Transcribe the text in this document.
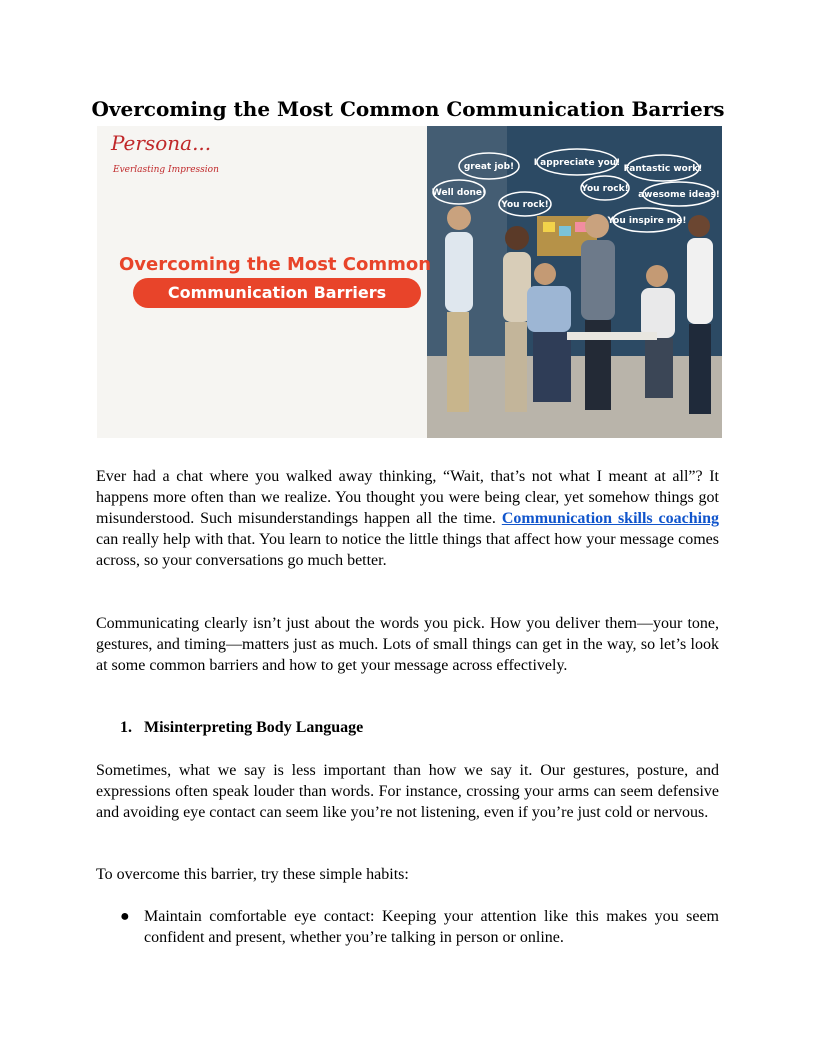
Overcoming the Most Common Communication Barriers
great job! I appreciate you!
Fantastic work!
Well done!
You rock!
awesome ideas!
You rock!
You inspire me!
Persona...
Everlasting Impression
Overcoming the Most Common
Communication Barriers

Ever had a chat where you walked away thinking, “Wait, that’s not what I meant at all”? It happens more often than we realize. You thought you were being clear, yet somehow things got misunderstood. Such misunderstandings happen all the time. Communication skills coaching can really help with that. You learn to notice the little things that affect how your message comes across, so your conversations go much better.

Communicating clearly isn’t just about the words you pick. How you deliver them—your tone, gestures, and timing—matters just as much. Lots of small things can get in the way, so let’s look at some common barriers and how to get your message across effectively.

1. Misinterpreting Body Language

Sometimes, what we say is less important than how we say it. Our gestures, posture, and expressions often speak louder than words. For instance, crossing your arms can seem defensive and avoiding eye contact can seem like you’re not listening, even if you’re just cold or nervous.

To overcome this barrier, try these simple habits:

● Maintain comfortable eye contact: Keeping your attention like this makes you seem confident and present, whether you’re talking in person or online.
